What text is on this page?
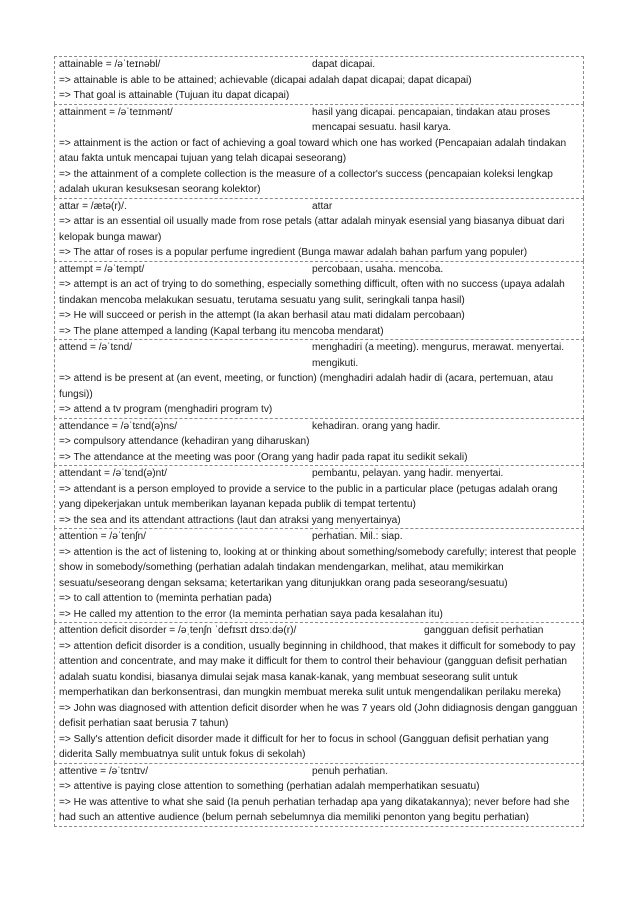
attainable = /əˈteɪnəbl/	dapat dicapai.
=> attainable is able to be attained; achievable (dicapai adalah dapat dicapai; dapat dicapai)
=> That goal is attainable (Tujuan itu dapat dicapai)
attainment = /əˈteɪnmənt/	hasil yang dicapai. pencapaian, tindakan atau proses mencapai sesuatu. hasil karya.
=> attainment is the action or fact of achieving a goal toward which one has worked (Pencapaian adalah tindakan atau fakta untuk mencapai tujuan yang telah dicapai seseorang)
=> the attainment of a complete collection is the measure of a collector's success (pencapaian koleksi lengkap
adalah ukuran kesuksesan seorang kolektor)
attar = /ætə(r)/.	attar
=> attar is an essential oil usually made from rose petals (attar adalah minyak esensial yang biasanya dibuat dari kelopak bunga mawar)
=> The attar of roses is a popular perfume ingredient (Bunga mawar adalah bahan parfum yang populer)
attempt = /əˈtempt/	percobaan, usaha. mencoba.
=> attempt is an act of trying to do something, especially something difficult, often with no success (upaya adalah tindakan mencoba melakukan sesuatu, terutama sesuatu yang sulit, seringkali tanpa hasil)
=> He will succeed or perish in the attempt (Ia akan berhasil atau mati didalam percobaan)
=> The plane attemped a landing (Kapal terbang itu mencoba mendarat)
attend = /əˈtɛnd/	menghadiri (a meeting). mengurus, merawat. menyertai. mengikuti.
=> attend is be present at (an event, meeting, or function) (menghadiri adalah hadir di (acara, pertemuan, atau fungsi))
=> attend a tv program (menghadiri program tv)
attendance = /əˈtɛnd(ə)ns/	kehadiran. orang yang hadir.
=> compulsory attendance (kehadiran yang diharuskan)
=> The attendance at the meeting was poor (Orang yang hadir pada rapat itu sedikit sekali)
attendant = /əˈtɛnd(ə)nt/	pembantu, pelayan. yang hadir. menyertai.
=> attendant is a person employed to provide a service to the public in a particular place (petugas adalah orang yang dipekerjakan untuk memberikan layanan kepada publik di tempat tertentu)
=> the sea and its attendant attractions (laut dan atraksi yang menyertainya)
attention = /əˈtenʃn/	perhatian. Mil.: siap.
=> attention is the act of listening to, looking at or thinking about something/somebody carefully; interest that people show in somebody/something (perhatian adalah tindakan mendengarkan, melihat, atau memikirkan sesuatu/seseorang dengan seksama; ketertarikan yang ditunjukkan orang pada seseorang/sesuatu)
=> to call attention to (meminta perhatian pada)
=> He called my attention to the error (Ia meminta perhatian saya pada kesalahan itu)
attention deficit disorder = /əˌtenʃn ˈdefɪsɪt dɪsɔːdə(r)/	gangguan defisit perhatian
=> attention deficit disorder is a condition, usually beginning in childhood, that makes it difficult for somebody to pay attention and concentrate, and may make it difficult for them to control their behaviour (gangguan defisit perhatian adalah suatu kondisi, biasanya dimulai sejak masa kanak-kanak, yang membuat seseorang sulit untuk memperhatikan dan berkonsentrasi, dan mungkin membuat mereka sulit untuk mengendalikan perilaku mereka)
=> John was diagnosed with attention deficit disorder when he was 7 years old (John didiagnosis dengan gangguan defisit perhatian saat berusia 7 tahun)
=> Sally's attention deficit disorder made it difficult for her to focus in school (Gangguan defisit perhatian yang diderita Sally membuatnya sulit untuk fokus di sekolah)
attentive = /əˈtɛntɪv/	penuh perhatian.
=> attentive is paying close attention to something (perhatian adalah memperhatikan sesuatu)
=> He was attentive to what she said (Ia penuh perhatian terhadap apa yang dikatakannya); never before had she had such an attentive audience (belum pernah sebelumnya dia memiliki penonton yang begitu perhatian)
